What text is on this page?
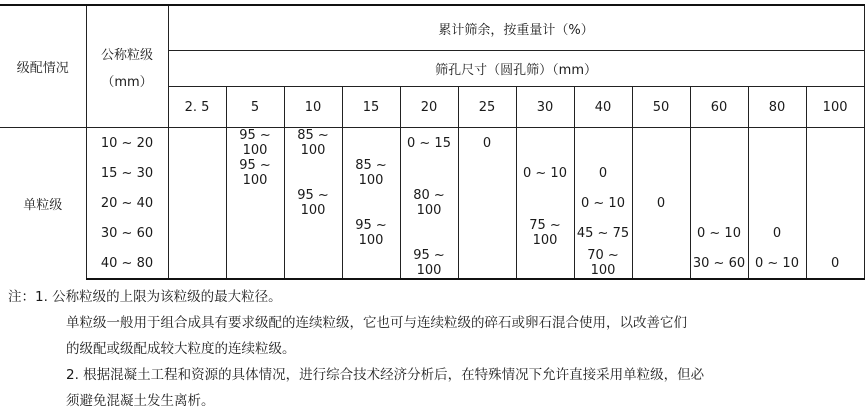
级配情况	公称粒级
（mm）	累计筛余，按重量计（%）											
		筛孔尺寸（圆孔筛）（mm）											
		2. 5	5	10	15	20	25	30	40	50	60	80	100
单粒级	10 ~ 20		95 ~ 100	85 ~ 100		0 ~ 15	0						
	15 ~ 30		95 ~ 100		85 ~ 100			0 ~ 10	0				
	20 ~ 40			95 ~ 100		80 ~ 100			0 ~ 10	0			
	30 ~ 60				95 ~ 100			75 ~ 100	45 ~ 75		0 ~ 10	0	
	40 ~ 80					95 ~ 100			70 ~ 100		30 ~ 60	0 ~ 10	0
注：1. 公称粒级的上限为该粒级的最大粒径。
单粒级一般用于组合成具有要求级配的连续粒级，它也可与连续粒级的碎石或卵石混合使用，以改善它们
的级配或级配成较大粒度的连续粒级。
2. 根据混凝土工程和资源的具体情况，进行综合技术经济分析后，在特殊情况下允许直接采用单粒级，但必
须避免混凝土发生离析。
